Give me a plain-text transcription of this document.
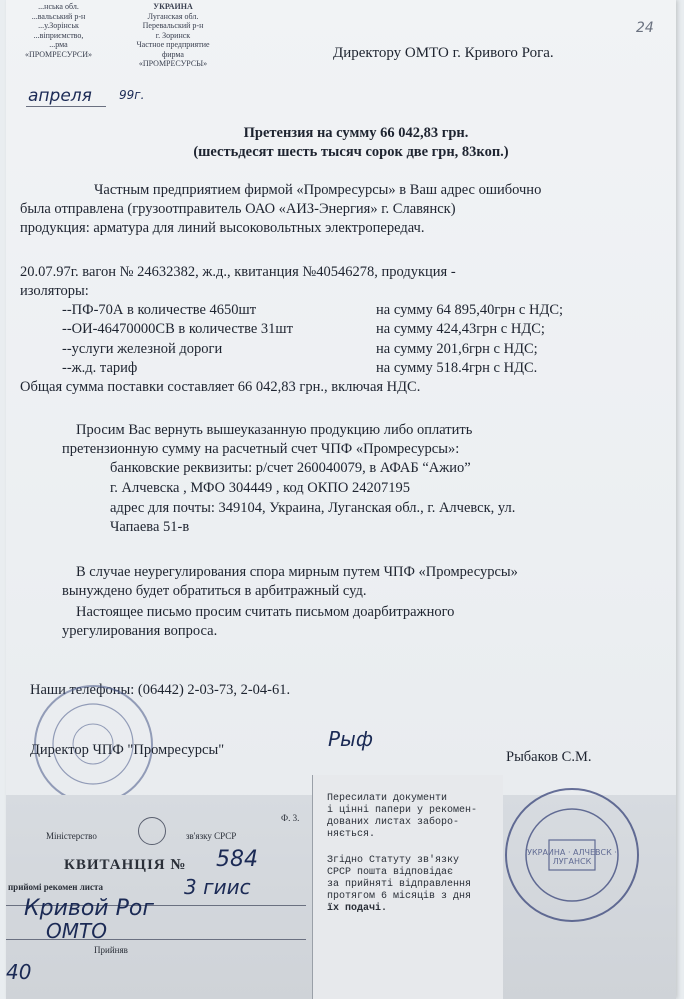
...нська обл.
...вальський р-н
...у.Зорінськ
...віприємство,
...рма
«ПРОМРЕСУРСИ»
апреля 99г.
УКРАИНА
Луганская обл.
Перевальский р-н
г. Зоринск
Частное предприятие
фирма
«ПРОМРЕСУРСЫ»
24
Директору ОМТО г. Кривого Рога.
Претензия на сумму 66 042,83 грн.
(шестьдесят шесть тысяч сорок две грн, 83коп.)
Частным предприятием фирмой «Промресурсы» в Ваш адрес ошибочно
была отправлена (грузоотправитель ОАО «АИЗ-Энергия» г. Славянск)
продукция: арматура для линий высоковольтных электропередач.
20.07.97г. вагон № 24632382, ж.д., квитанция №40546278, продукция -
изоляторы:
--ПФ-70А в количестве 4650шт	на сумму 64 895,40грн с НДС;
--ОИ-46470000СВ в количестве 31шт	на сумму 424,43грн с НДС;
--услуги железной дороги	на сумму 201,6грн с НДС;
--ж.д. тариф	на сумму 518.4грн с НДС.
Общая сумма поставки составляет 66 042,83 грн., включая НДС.
Просим Вас вернуть вышеуказанную продукцию либо оплатить
претензионную сумму на расчетный счет ЧПФ «Промресурсы»:
банковские реквизиты: р/счет 260040079, в АФАБ “Ажио”
г. Алчевска , МФО 304449 , код ОКПО 24207195
адрес для почты: 349104, Украина, Луганская обл., г. Алчевск, ул.
Чапаева 51-в
В случае неурегулирования спора мирным путем ЧПФ «Промресурсы»
вынуждено будет обратиться в арбитражный суд.
Настоящее письмо просим считать письмом доарбитражного
урегулирования вопроса.
Наши телефоны: (06442) 2-03-73, 2-04-61.
Директор ЧПФ "Промресурсы"	Рыф
Рыбаков С.М.
Ф. 3.
Міністерство	зв'язку СРСР
КВИТАНЦІЯ № 584
прийомі рекомен листа	3 гиис
Кривой Рог
ОМТО
Прийняв
40
Пересилати документи
і цінні папери у рекомен-
дованих листах заборо-
няється.
Згідно Статуту зв'язку
СРСР пошта відповідає
за прийняті відправлення
протягом 6 місяців з дня
їх подачі.
УКРАИНА · АЛЧЕВСК · ЛУГАНСК
